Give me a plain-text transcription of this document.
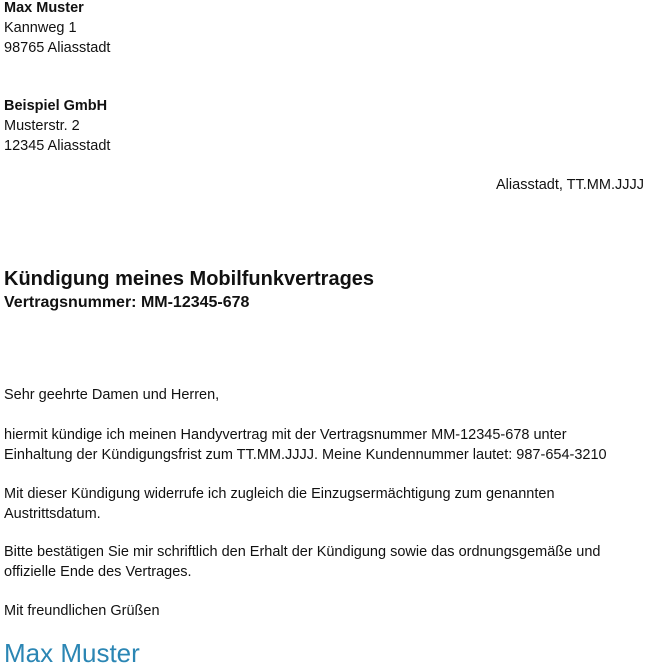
Max Muster
Kannweg 1
98765 Aliasstadt
Beispiel GmbH
Musterstr. 2
12345 Aliasstadt
Aliasstadt, TT.MM.JJJJ
Kündigung meines Mobilfunkvertrages
Vertragsnummer: MM-12345-678
Sehr geehrte Damen und Herren,
hiermit kündige ich meinen Handyvertrag mit der Vertragsnummer MM-12345-678 unter
Einhaltung der Kündigungsfrist zum TT.MM.JJJJ. Meine Kundennummer lautet: 987-654-3210
Mit dieser Kündigung widerrufe ich zugleich die Einzugsermächtigung zum genannten
Austrittsdatum.
Bitte bestätigen Sie mir schriftlich den Erhalt der Kündigung sowie das ordnungsgemäße und
offizielle Ende des Vertrages.
Mit freundlichen Grüßen
Max Muster
